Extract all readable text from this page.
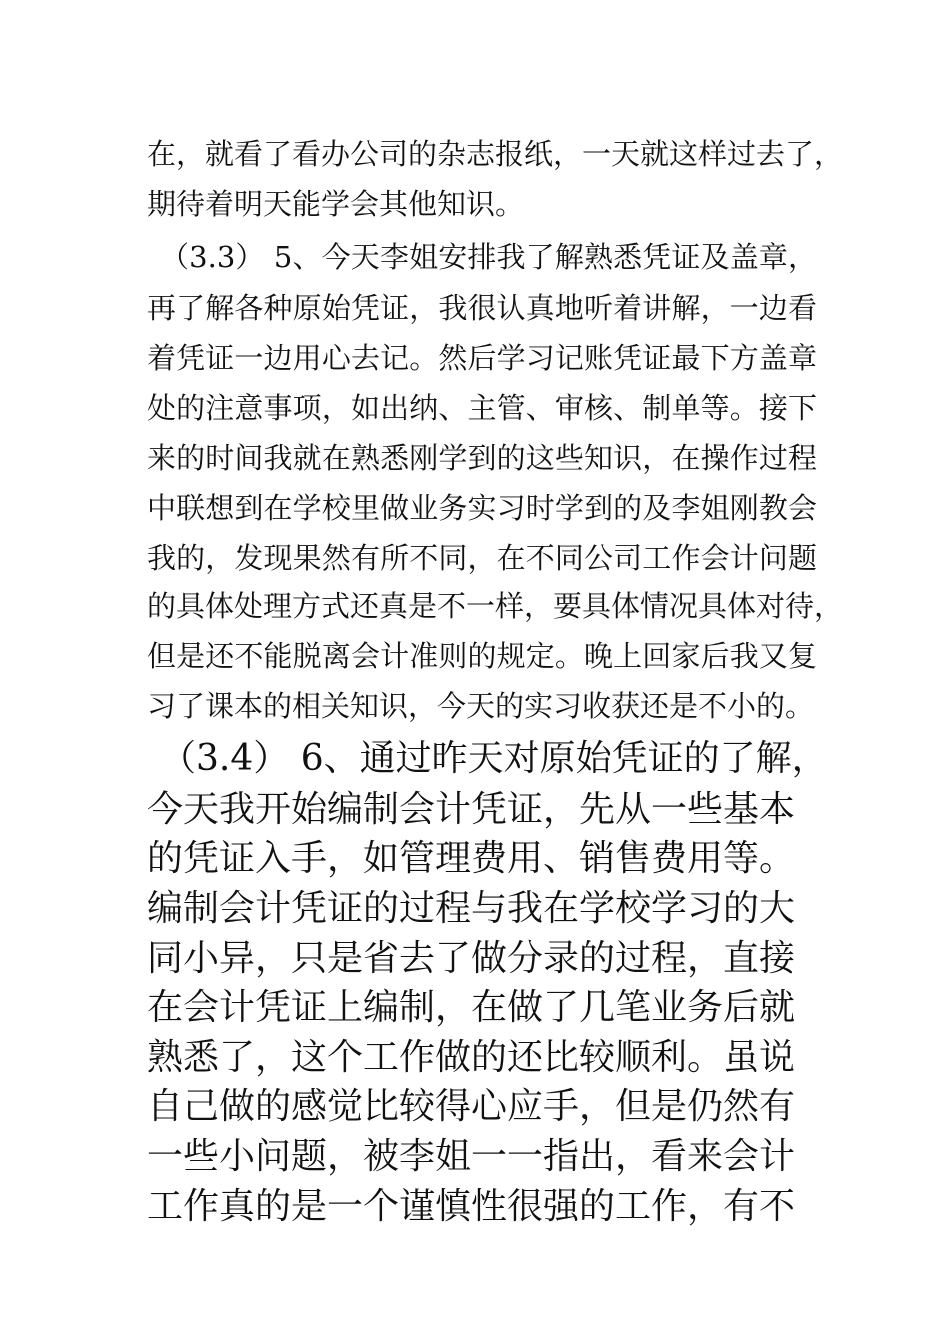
在，就看了看办公司的杂志报纸，一天就这样过去了，

期待着明天能学会其他知识。

（3.3） 5、今天李姐安排我了解熟悉凭证及盖章，

再了解各种原始凭证，我很认真地听着讲解，一边看

着凭证一边用心去记。然后学习记账凭证最下方盖章

处的注意事项，如出纳、主管、审核、制单等。接下

来的时间我就在熟悉刚学到的这些知识，在操作过程

中联想到在学校里做业务实习时学到的及李姐刚教会

我的，发现果然有所不同，在不同公司工作会计问题

的具体处理方式还真是不一样，要具体情况具体对待，

但是还不能脱离会计准则的规定。晚上回家后我又复

习了课本的相关知识，今天的实习收获还是不小的。

（3.4） 6、通过昨天对原始凭证的了解，

今天我开始编制会计凭证，先从一些基本

的凭证入手，如管理费用、销售费用等。

编制会计凭证的过程与我在学校学习的大

同小异，只是省去了做分录的过程，直接

在会计凭证上编制，在做了几笔业务后就

熟悉了，这个工作做的还比较顺利。虽说

自己做的感觉比较得心应手，但是仍然有

一些小问题，被李姐一一指出，看来会计

工作真的是一个谨慎性很强的工作，有不
